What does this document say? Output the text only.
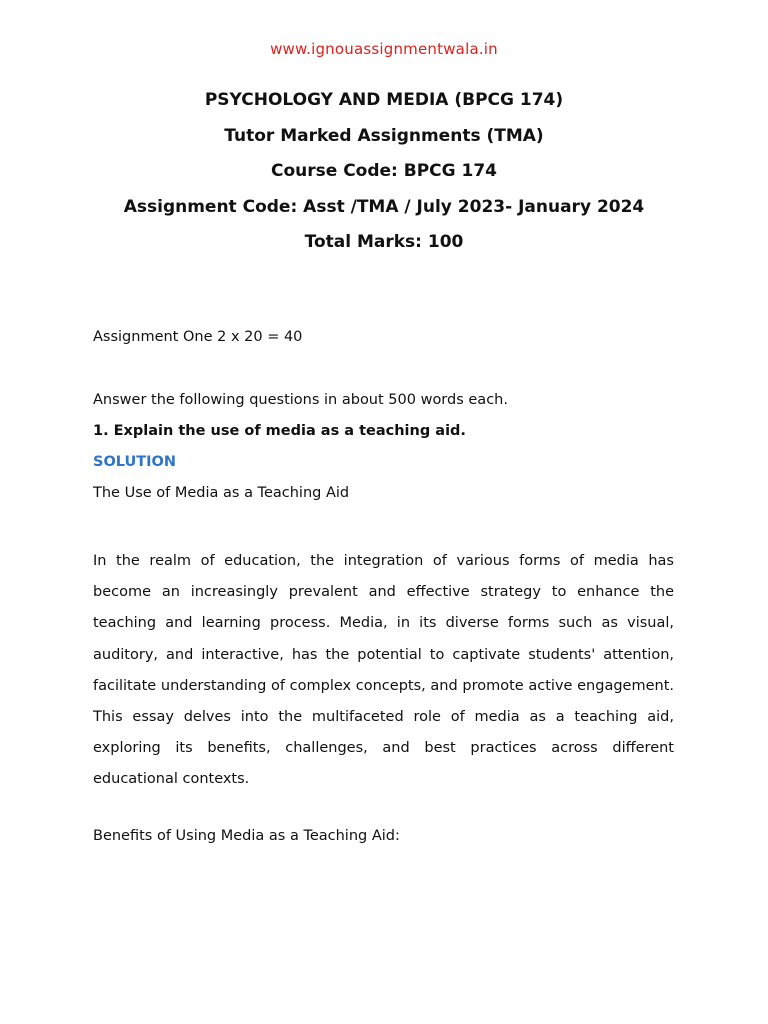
www.ignouassignmentwala.in
PSYCHOLOGY AND MEDIA (BPCG 174)
Tutor Marked Assignments (TMA)
Course Code: BPCG 174
Assignment Code: Asst /TMA / July 2023- January 2024
Total Marks: 100
Assignment One 2 x 20 = 40
Answer the following questions in about 500 words each.
1. Explain the use of media as a teaching aid.
SOLUTION
The Use of Media as a Teaching Aid
In the realm of education, the integration of various forms of media has become an increasingly prevalent and effective strategy to enhance the teaching and learning process. Media, in its diverse forms such as visual, auditory, and interactive, has the potential to captivate students' attention, facilitate understanding of complex concepts, and promote active engagement. This essay delves into the multifaceted role of media as a teaching aid, exploring its benefits, challenges, and best practices across different educational contexts.
Benefits of Using Media as a Teaching Aid:
